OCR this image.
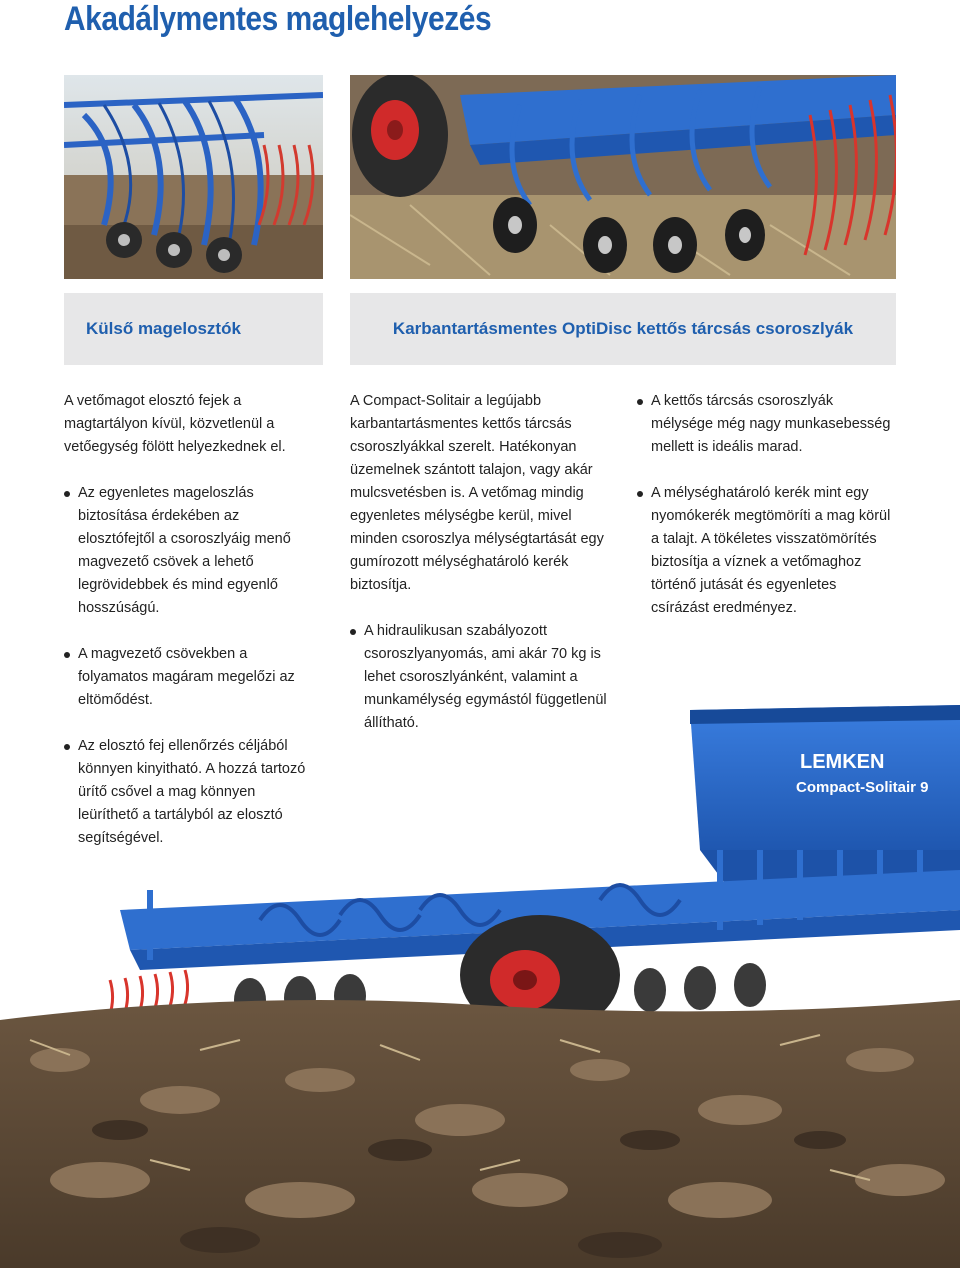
Akadálymentes maglehelyezés
Külső magelosztók	Karbantartásmentes OptiDisc kettős tárcsás csoroszlyák

A vetőmagot elosztó fejek a magtartályon kívül, közvetlenül a vetőegység fölött helyezkednek el.

Az egyenletes mageloszlás biztosítása érdekében az elosztófejtől a csoroszlyáig menő magvezető csövek a lehető legrövidebbek és mind egyenlő hosszúságú.
A magvezető csövekben a folyamatos magáram megelőzi az eltömődést.
Az elosztó fej ellenőrzés céljából könnyen kinyitható. A hozzá tartozó ürítő csővel a mag könnyen leüríthető a tartályból az elosztó segítségével.

A Compact-Solitair a legújabb karbantartásmentes kettős tárcsás csoroszlyákkal szerelt. Hatékonyan üzemelnek szántott talajon, vagy akár mulcsvetésben is. A vetőmag mindig egyenletes mélységbe kerül, mivel minden csoroszlya mélységtartását egy gumírozott mélységhatároló kerék biztosítja.

A hidraulikusan szabályozott csoroszlyanyomás, ami akár 70 kg is lehet csoroszlyánként, valamint a munkamélység egymástól függetlenül állítható.
A kettős tárcsás csoroszlyák mélysége még nagy munkasebesség mellett is ideális marad.
A mélységhatároló kerék mint egy nyomókerék megtömöríti a mag körül a talajt. A tökéletes visszatömörítés biztosítja a víznek a vetőmaghoz történő jutását és egyenletes csírázást eredményez.
LEMKEN
Compact-Solitair 9
